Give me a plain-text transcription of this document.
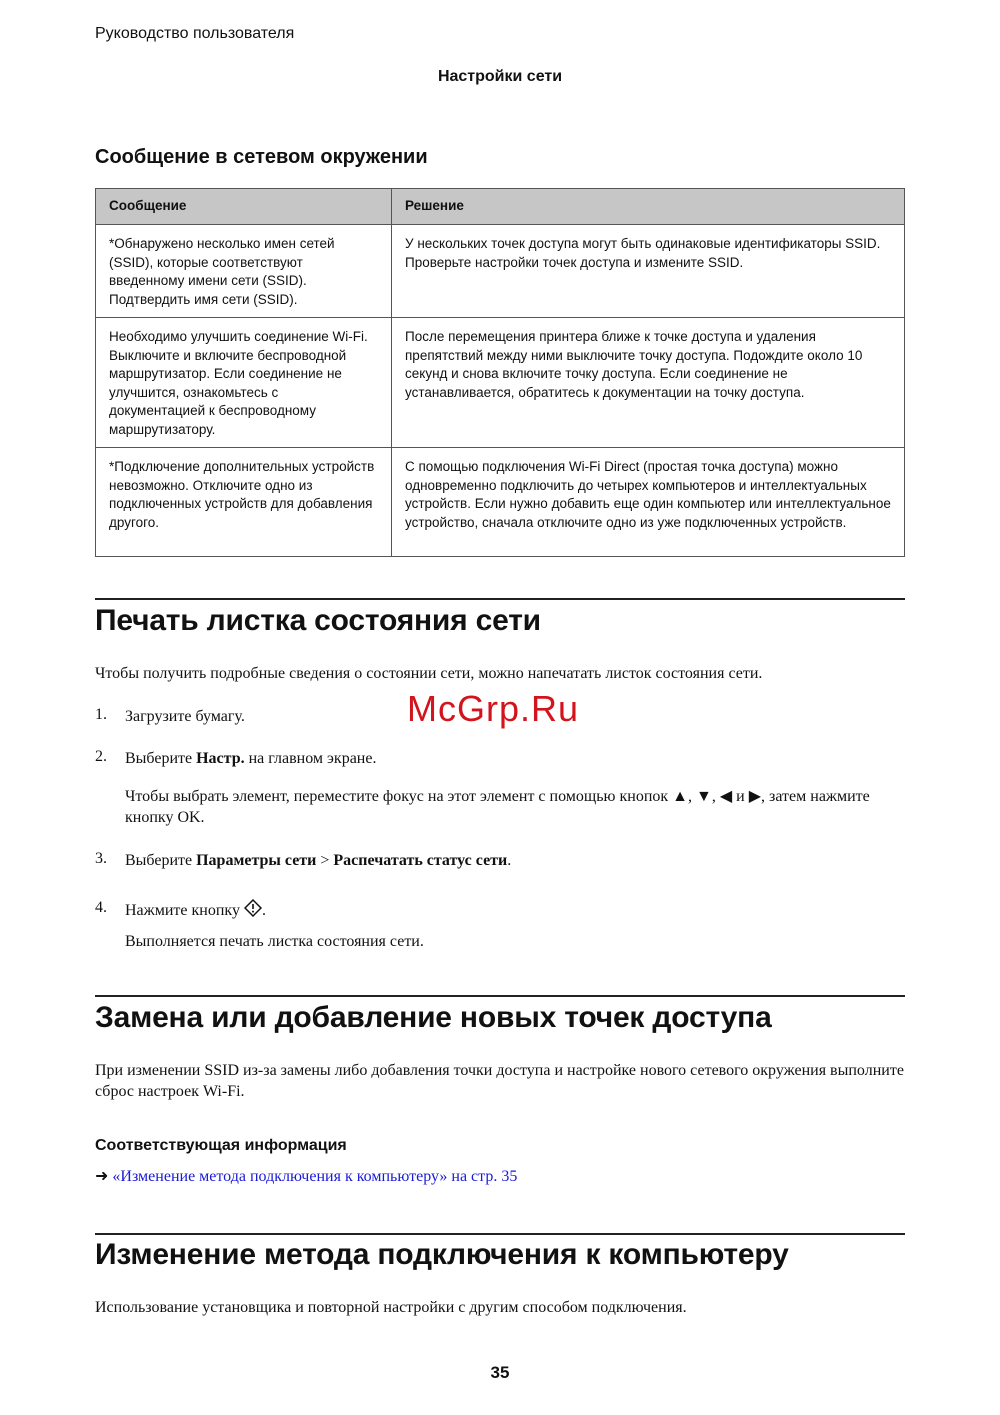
Руководство пользователя
Настройки сети
Сообщение в сетевом окружении
Сообщение	Решение
*Обнаружено несколько имен сетей (SSID), которые соответствуют введенному имени сети (SSID). Подтвердить имя сети (SSID).	У нескольких точек доступа могут быть одинаковые идентификаторы SSID. Проверьте настройки точек доступа и измените SSID.
Необходимо улучшить соединение Wi-Fi. Выключите и включите беспроводной маршрутизатор. Если соединение не улучшится, ознакомьтесь с документацией к беспроводному маршрутизатору.	После перемещения принтера ближе к точке доступа и удаления препятствий между ними выключите точку доступа. Подождите около 10 секунд и снова включите точку доступа. Если соединение не устанавливается, обратитесь к документации на точку доступа.
*Подключение дополнительных устройств невозможно. Отключите одно из подключенных устройств для добавления другого.	С помощью подключения Wi-Fi Direct (простая точка доступа) можно одновременно подключить до четырех компьютеров и интеллектуальных устройств. Если нужно добавить еще один компьютер или интеллектуальное устройство, сначала отключите одно из уже подключенных устройств.
Печать листка состояния сети
Чтобы получить подробные сведения о состоянии сети, можно напечатать листок состояния сети.
1. Загрузите бумагу.
2. Выберите Настр. на главном экране.
Чтобы выбрать элемент, переместите фокус на этот элемент с помощью кнопок ▲, ▼, ◀ и ▶, затем нажмите кнопку OK.
3. Выберите Параметры сети > Распечатать статус сети.
4. Нажмите кнопку .
Выполняется печать листка состояния сети.
Замена или добавление новых точек доступа
При изменении SSID из-за замены либо добавления точки доступа и настройке нового сетевого окружения выполните сброс настроек Wi-Fi.
Соответствующая информация
➜ «Изменение метода подключения к компьютеру» на стр. 35
Изменение метода подключения к компьютеру
Использование установщика и повторной настройки с другим способом подключения.
McGrp.Ru
35
